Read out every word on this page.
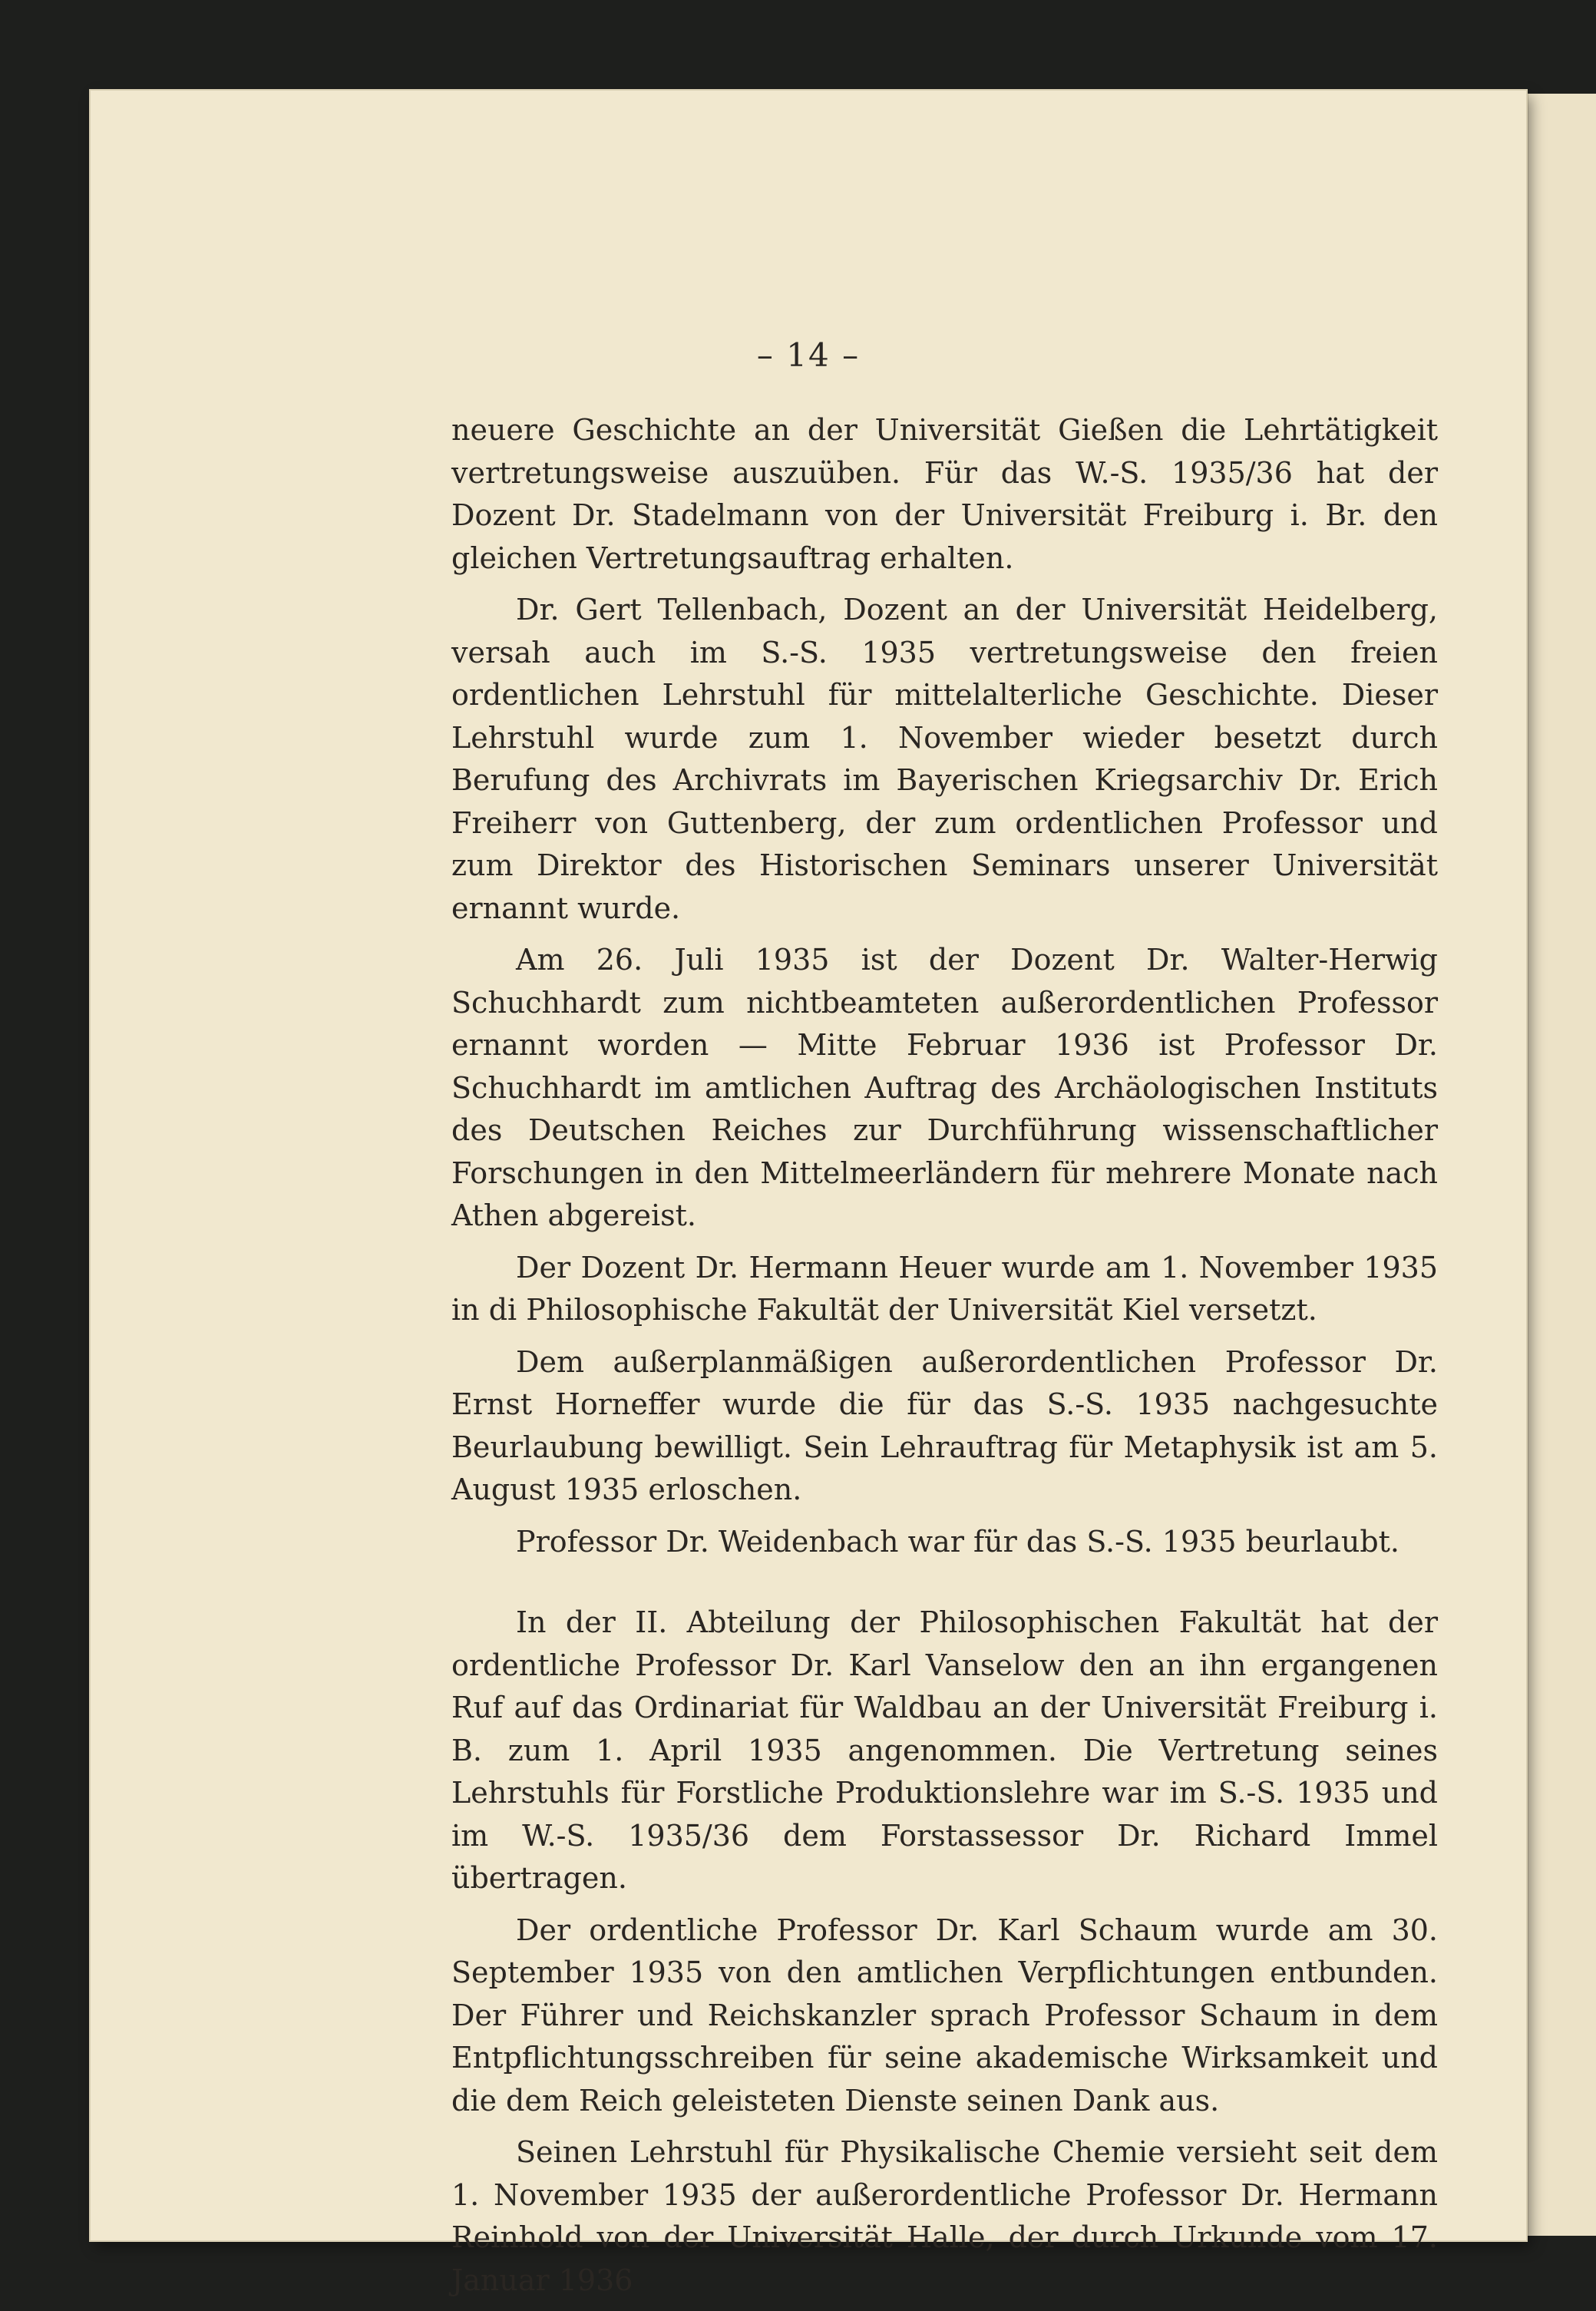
– 14 –

neuere Geschichte an der Universität Gießen die Lehrtätigkeit vertretungsweise auszuüben. Für das W.-S. 1935/36 hat der Dozent Dr. Stadelmann von der Universität Freiburg i. Br. den gleichen Vertretungsauftrag erhalten.

Dr. Gert Tellenbach, Dozent an der Universität Heidelberg, versah auch im S.-S. 1935 vertretungsweise den freien ordentlichen Lehrstuhl für mittelalterliche Geschichte. Dieser Lehrstuhl wurde zum 1. November wieder besetzt durch Berufung des Archivrats im Bayerischen Kriegsarchiv Dr. Erich Freiherr von Guttenberg, der zum ordentlichen Professor und zum Direktor des Historischen Seminars unserer Universität ernannt wurde.

Am 26. Juli 1935 ist der Dozent Dr. Walter-Herwig Schuchhardt zum nichtbeamteten außerordentlichen Professor ernannt worden — Mitte Februar 1936 ist Professor Dr. Schuchhardt im amtlichen Auftrag des Archäologischen Instituts des Deutschen Reiches zur Durchführung wissenschaftlicher Forschungen in den Mittelmeerländern für mehrere Monate nach Athen abgereist.

Der Dozent Dr. Hermann Heuer wurde am 1. November 1935 in di Philosophische Fakultät der Universität Kiel versetzt.

Dem außerplanmäßigen außerordentlichen Professor Dr. Ernst Horneffer wurde die für das S.-S. 1935 nachgesuchte Beurlaubung bewilligt. Sein Lehrauftrag für Metaphysik ist am 5. August 1935 erloschen.

Professor Dr. Weidenbach war für das S.-S. 1935 beurlaubt.

In der II. Abteilung der Philosophischen Fakultät hat der ordentliche Professor Dr. Karl Vanselow den an ihn ergangenen Ruf auf das Ordinariat für Waldbau an der Universität Freiburg i. B. zum 1. April 1935 angenommen. Die Vertretung seines Lehrstuhls für Forstliche Produktionslehre war im S.-S. 1935 und im W.-S. 1935/36 dem Forstassessor Dr. Richard Immel übertragen.

Der ordentliche Professor Dr. Karl Schaum wurde am 30. September 1935 von den amtlichen Verpflichtungen entbunden. Der Führer und Reichskanzler sprach Professor Schaum in dem Entpflichtungsschreiben für seine akademische Wirksamkeit und die dem Reich geleisteten Dienste seinen Dank aus.

Seinen Lehrstuhl für Physikalische Chemie versieht seit dem 1. November 1935 der außerordentliche Professor Dr. Hermann Reinhold von der Universität Halle, der durch Urkunde vom 17. Januar 1936
